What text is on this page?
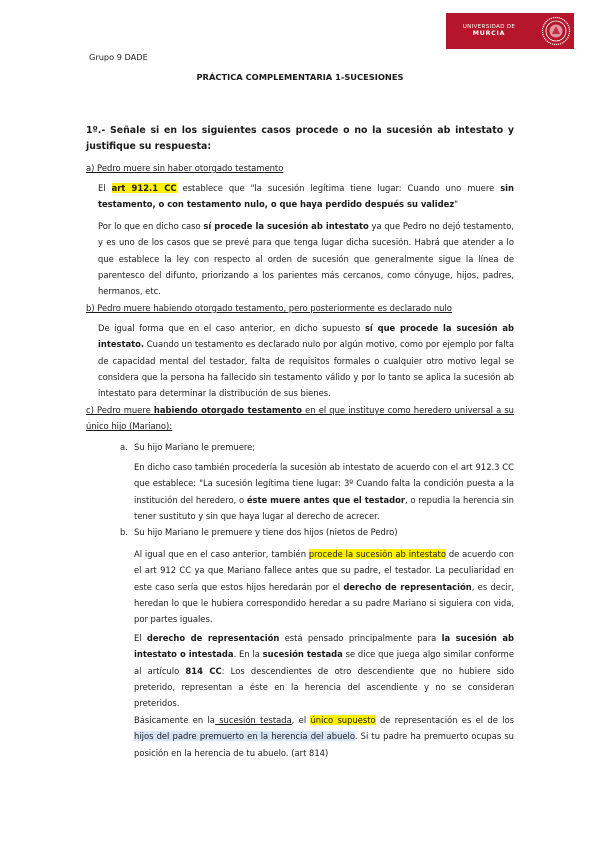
UNIVERSIDAD DE
MURCIA
Grupo 9 DADE
PRÁCTICA COMPLEMENTARIA 1-SUCESIONES
1º.- Señale si en los siguientes casos procede o no la sucesión ab intestato y justifique su respuesta:
a) Pedro muere sin haber otorgado testamento
El art 912.1 CC establece que "la sucesión legítima tiene lugar: Cuando uno muere sin testamento, o con testamento nulo, o que haya perdido después su validez"
Por lo que en dicho caso sí procede la sucesión ab intestato ya que Pedro no dejó testamento, y es uno de los casos que se prevé para que tenga lugar dicha sucesión. Habrá que atender a lo que establece la ley con respecto al orden de sucesión que generalmente sigue la línea de parentesco del difunto, priorizando a los parientes más cercanos, como cónyuge, hijos, padres, hermanos, etc.
b) Pedro muere habiendo otorgado testamento, pero posteriormente es declarado nulo
De igual forma que en el caso anterior, en dicho supuesto sí que procede la sucesión ab intestato. Cuando un testamento es declarado nulo por algún motivo, como por ejemplo por falta de capacidad mental del testador, falta de requisitos formales o cualquier otro motivo legal se considera que la persona ha fallecido sin testamento válido y por lo tanto se aplica la sucesión ab intestato para determinar la distribución de sus bienes.
c) Pedro muere habiendo otorgado testamento en el que instituye como heredero universal a su único hijo (Mariano):
a. Su hijo Mariano le premuere;
En dicho caso también procedería la sucesión ab intestato de acuerdo con el art 912.3 CC que establece: "La sucesión legítima tiene lugar: 3º Cuando falta la condición puesta a la institución del heredero, o éste muere antes que el testador, o repudia la herencia sin tener sustituto y sin que haya lugar al derecho de acrecer.
b. Su hijo Mariano le premuere y tiene dos hijos (nietos de Pedro)
Al igual que en el caso anterior, también procede la sucesión ab intestato de acuerdo con el art 912 CC ya que Mariano fallece antes que su padre, el testador. La peculiaridad en este caso sería que estos hijos heredarán por el derecho de representación, es decir, heredan lo que le hubiera correspondido heredar a su padre Mariano si siguiera con vida, por partes iguales.
El derecho de representación está pensado principalmente para la sucesión ab intestato o intestada. En la sucesión testada se dice que juega algo similar conforme al artículo 814 CC: Los descendientes de otro descendiente que no hubiere sido preterido, representan a éste en la herencia del ascendiente y no se consideran preteridos.
Básicamente en la sucesión testada, el único supuesto de representación es el de los hijos del padre premuerto en la herencia del abuelo. Si tu padre ha premuerto ocupas su posición en la herencia de tu abuelo. (art 814)
